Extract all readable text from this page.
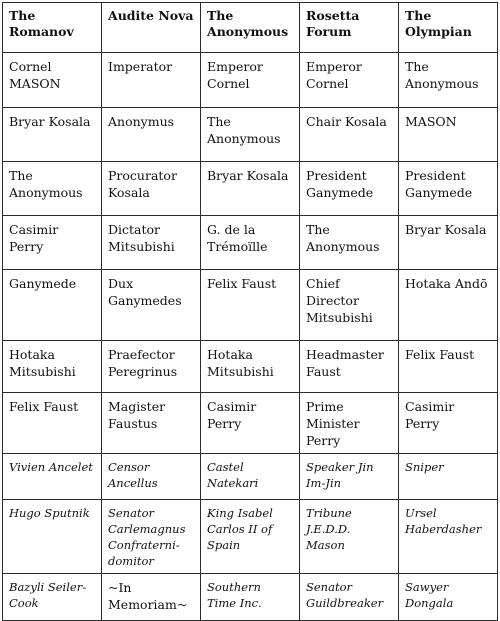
The Romanov	Audite Nova	The Anonymous	Rosetta Forum	The Olympian
Cornel MASON	Imperator	Emperor Cornel	Emperor Cornel	The Anonymous
Bryar Kosala	Anonymus	The Anonymous	Chair Kosala	MASON
The Anonymous	Procurator Kosala	Bryar Kosala	President Ganymede	President Ganymede
Casimir Perry	Dictator Mitsubishi	G. de la Trémoïlle	The Anonymous	Bryar Kosala
Ganymede	Dux Ganymedes	Felix Faust	Chief Director Mitsubishi	Hotaka Andō
Hotaka Mitsubishi	Praefector Peregrinus	Hotaka Mitsubishi	Headmaster Faust	Felix Faust
Felix Faust	Magister Faustus	Casimir Perry	Prime Minister Perry	Casimir Perry
Vivien Ancelet	Censor Ancellus	Castel Natekari	Speaker Jin Im-Jin	Sniper
Hugo Sputnik	Senator Carlemagnus Confraterni-domitor	King Isabel Carlos II of Spain	Tribune J.E.D.D. Mason	Ursel Haberdasher
Bazyli Seiler-Cook	~In Memoriam~	Southern Time Inc.	Senator Guildbreaker	Sawyer Dongala
